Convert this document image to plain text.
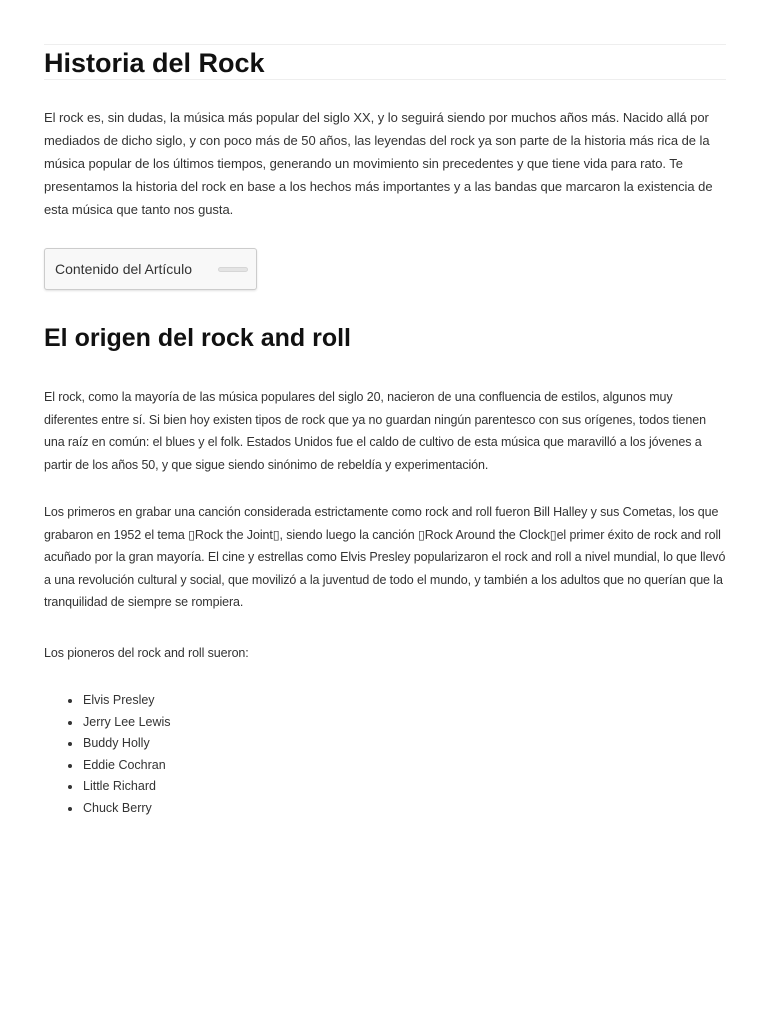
Historia del Rock

El rock es, sin dudas, la música más popular del siglo XX, y lo seguirá siendo por muchos años más. Nacido allá por mediados de dicho siglo, y con poco más de 50 años, las leyendas del rock ya son parte de la historia más rica de la música popular de los últimos tiempos, generando un movimiento sin precedentes y que tiene vida para rato. Te presentamos la historia del rock en base a los hechos más importantes y a las bandas que marcaron la existencia de esta música que tanto nos gusta.

Contenido del Artículo
El origen del rock and roll

El rock, como la mayoría de las música populares del siglo 20, nacieron de una confluencia de estilos, algunos muy diferentes entre sí. Si bien hoy existen tipos de rock que ya no guardan ningún parentesco con sus orígenes, todos tienen una raíz en común: el blues y el folk. Estados Unidos fue el caldo de cultivo de esta música que maravilló a los jóvenes a partir de los años 50, y que sigue siendo sinónimo de rebeldía y experimentación.

Los primeros en grabar una canción considerada estrictamente como rock and roll fueron Bill Halley y sus Cometas, los que grabaron en 1952 el tema ▯Rock the Joint▯, siendo luego la canción ▯Rock Around the Clock▯el primer éxito de rock and roll acuñado por la gran mayoría. El cine y estrellas como Elvis Presley popularizaron el rock and roll a nivel mundial, lo que llevó a una revolución cultural y social, que movilizó a la juventud de todo el mundo, y también a los adultos que no querían que la tranquilidad de siempre se rompiera.

Los pioneros del rock and roll sueron:

• Elvis Presley
• Jerry Lee Lewis
• Buddy Holly
• Eddie Cochran
• Little Richard
• Chuck Berry
